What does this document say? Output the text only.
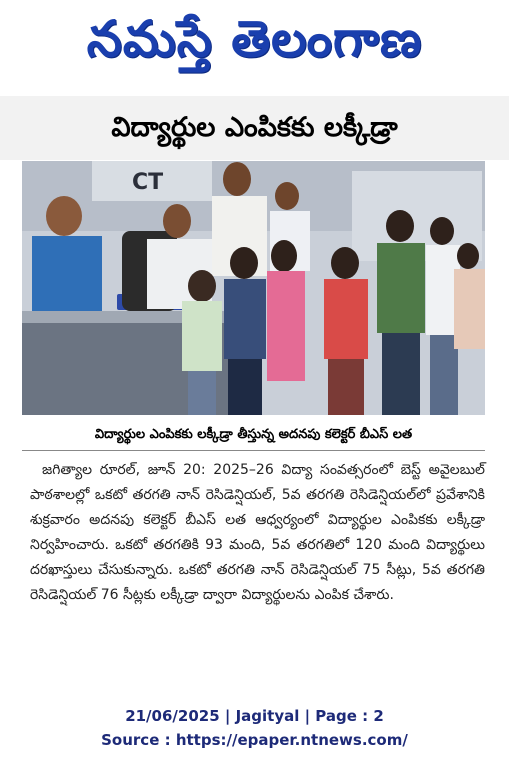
నమస్తే తెలంగాణ
విద్యార్థుల ఎంపికకు లక్కీడ్రా
CT
విద్యార్థుల ఎంపికకు లక్కీడ్రా తీస్తున్న అదనపు కలెక్టర్ బీఎస్ లత
జగిత్యాల రూరల్, జూన్ 20: 2025–26 విద్యా సంవత్సరంలో బెస్ట్ అవైలబుల్ పాఠశాలల్లో ఒకటో తరగతి నాన్ రెసిడెన్షియల్, 5వ తరగతి రెసిడెన్షియల్‌లో ప్రవేశానికి శుక్రవారం అదనపు కలెక్టర్ బీఎస్ లత ఆధ్వర్యంలో విద్యార్థుల ఎంపికకు లక్కీడ్రా నిర్వహించారు. ఒకటో తరగతికి 93 మంది, 5వ తరగతిలో 120 మంది విద్యార్థులు దరఖాస్తులు చేసుకున్నారు. ఒకటో తరగతి నాన్ రెసిడెన్షియల్ 75 సీట్లు, 5వ తరగతి రెసిడెన్షియల్ 76 సీట్లకు లక్కీడ్రా ద్వారా విద్యార్థులను ఎంపిక చేశారు.
21/06/2025 | Jagityal | Page : 2
Source : https://epaper.ntnews.com/
